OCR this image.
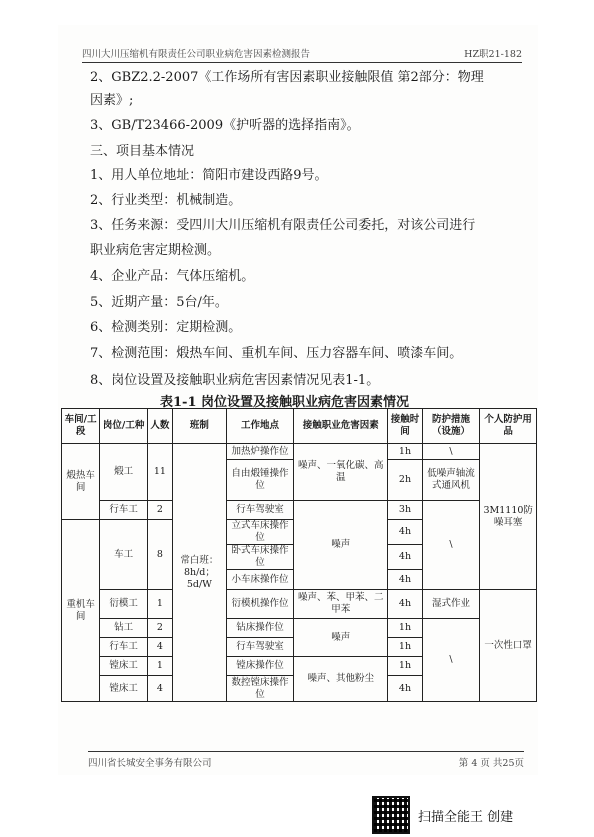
四川大川压缩机有限责任公司职业病危害因素检测报告	HZ职21-182
2、GBZ2.2-2007《工作场所有害因素职业接触限值 第2部分：物理
因素》;
3、GB/T23466-2009《护听器的选择指南》。
三、项目基本情况
1、用人单位地址：简阳市建设西路9号。
2、行业类型：机械制造。
3、任务来源：受四川大川压缩机有限责任公司委托，对该公司进行
职业病危害定期检测。
4、企业产品：气体压缩机。
5、近期产量：5台/年。
6、检测类别：定期检测。
7、检测范围：煅热车间、重机车间、压力容器车间、喷漆车间。
8、岗位设置及接触职业病危害因素情况见表1-1。
表1-1 岗位设置及接触职业病危害因素情况
车间/工段	岗位/工种	人数	班制	工作地点	接触职业危害因素	接触时间	防护措施（设施）	个人防护用品
煅热车间	煅工	11	常白班：8h/d；5d/W	加热炉操作位	噪声、一氧化碳、高温	1h	\	3M1110防噪耳塞
				自由煅锤操作位		2h	低噪声轴流式通风机	
	行车工	2		行车驾驶室	噪声	3h	\	
重机车间	车工	8		立式车床操作位		4h		
				卧式车床操作位		4h		
				小车床操作位		4h		
	衍模工	1		衍模机操作位	噪声、苯、甲苯、二甲苯	4h	湿式作业	一次性口罩
	钻工	2		钻床操作位	噪声	1h	\	
	行车工	4		行车驾驶室		1h		
	镗床工	1		镗床操作位	噪声、其他粉尘	1h		
	镗床工	4		数控镗床操作位		4h		
四川省长城安全事务有限公司	第 4 页 共25页
扫描全能王 创建
